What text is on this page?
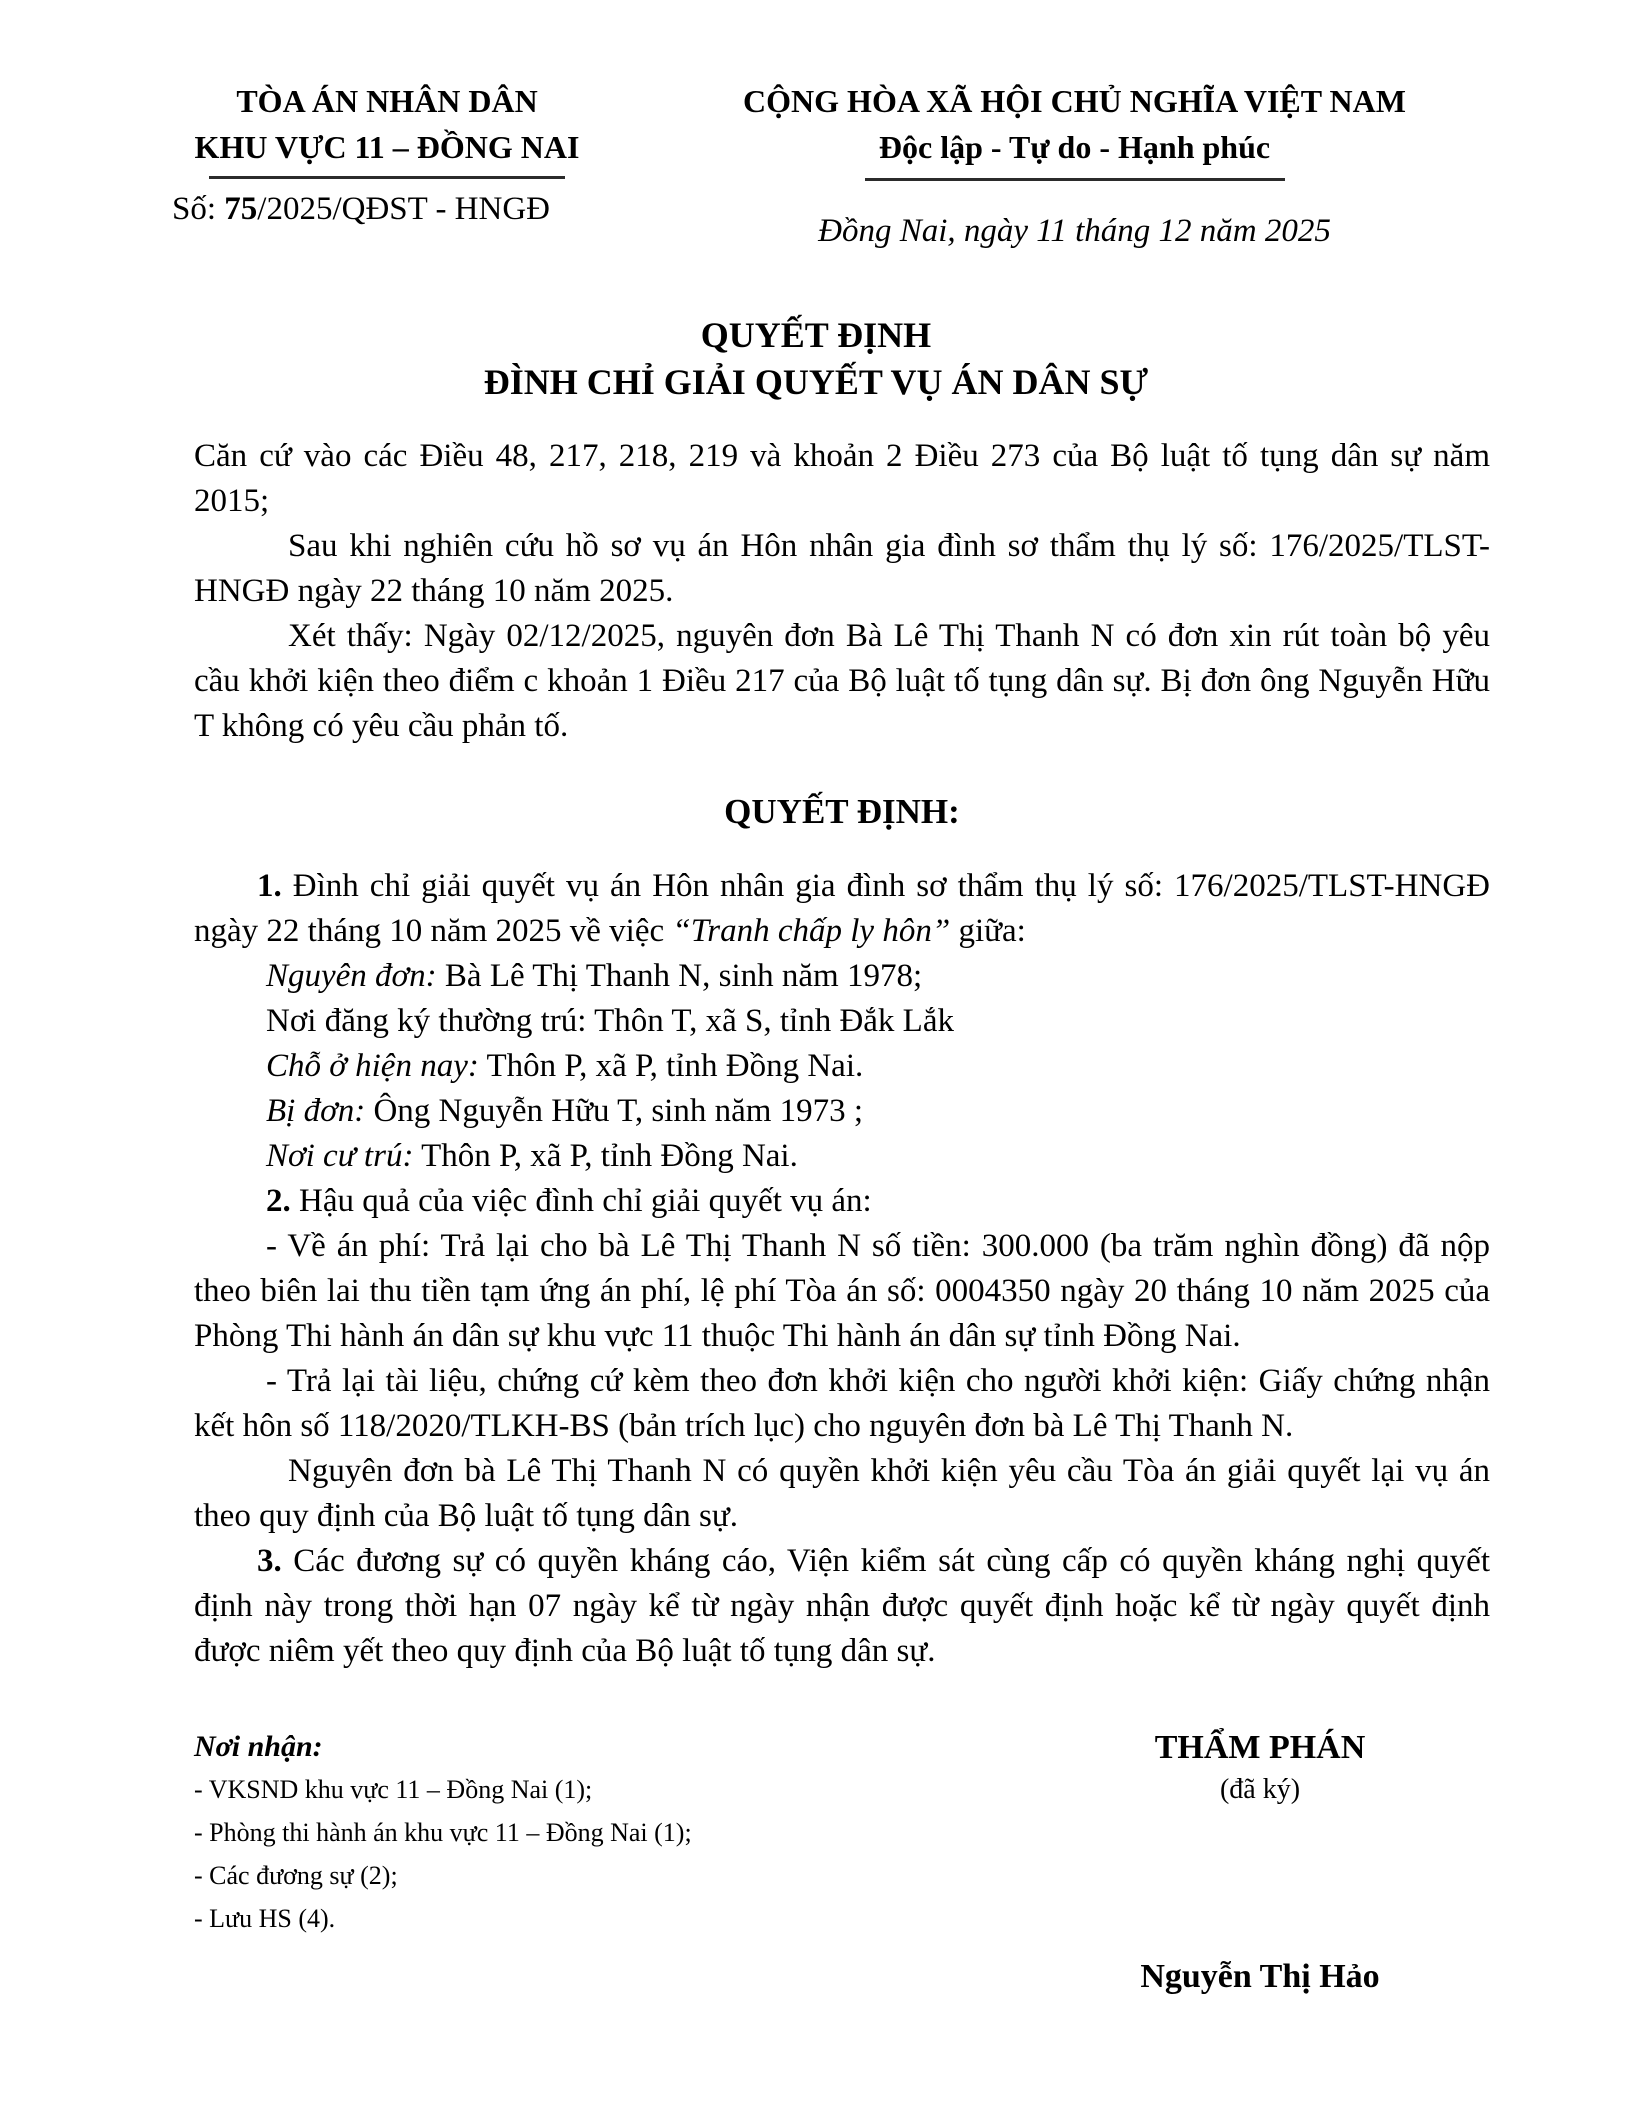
TÒA ÁN NHÂN DÂN
KHU VỰC 11 – ĐỒNG NAI
Số: 75/2025/QĐST - HNGĐ
CỘNG HÒA XÃ HỘI CHỦ NGHĨA VIỆT NAM
Độc lập - Tự do - Hạnh phúc
Đồng Nai, ngày 11 tháng 12 năm 2025
QUYẾT ĐỊNH
ĐÌNH CHỈ GIẢI QUYẾT VỤ ÁN DÂN SỰ

Căn cứ vào các Điều 48, 217, 218, 219 và khoản 2 Điều 273 của Bộ luật tố tụng dân sự năm 2015;

Sau khi nghiên cứu hồ sơ vụ án Hôn nhân gia đình sơ thẩm thụ lý số: 176/2025/TLST-HNGĐ ngày 22 tháng 10 năm 2025.

Xét thấy: Ngày 02/12/2025, nguyên đơn Bà Lê Thị Thanh N có đơn xin rút toàn bộ yêu cầu khởi kiện theo điểm c khoản 1 Điều 217 của Bộ luật tố tụng dân sự. Bị đơn ông Nguyễn Hữu T không có yêu cầu phản tố.

QUYẾT ĐỊNH:

1. Đình chỉ giải quyết vụ án Hôn nhân gia đình sơ thẩm thụ lý số: 176/2025/TLST-HNGĐ ngày 22 tháng 10 năm 2025 về việc “Tranh chấp ly hôn” giữa:

Nguyên đơn: Bà Lê Thị Thanh N, sinh năm 1978;

Nơi đăng ký thường trú: Thôn T, xã S, tỉnh Đắk Lắk

Chỗ ở hiện nay: Thôn P, xã P, tỉnh Đồng Nai.

Bị đơn: Ông Nguyễn Hữu T, sinh năm 1973 ;

Nơi cư trú: Thôn P, xã P, tỉnh Đồng Nai.

2. Hậu quả của việc đình chỉ giải quyết vụ án:

- Về án phí: Trả lại cho bà Lê Thị Thanh N số tiền: 300.000 (ba trăm nghìn đồng) đã nộp theo biên lai thu tiền tạm ứng án phí, lệ phí Tòa án số: 0004350 ngày 20 tháng 10 năm 2025 của Phòng Thi hành án dân sự khu vực 11 thuộc Thi hành án dân sự tỉnh Đồng Nai.

- Trả lại tài liệu, chứng cứ kèm theo đơn khởi kiện cho người khởi kiện: Giấy chứng nhận kết hôn số 118/2020/TLKH-BS (bản trích lục) cho nguyên đơn bà Lê Thị Thanh N.

Nguyên đơn bà Lê Thị Thanh N có quyền khởi kiện yêu cầu Tòa án giải quyết lại vụ án theo quy định của Bộ luật tố tụng dân sự.

3. Các đương sự có quyền kháng cáo, Viện kiểm sát cùng cấp có quyền kháng nghị quyết định này trong thời hạn 07 ngày kể từ ngày nhận được quyết định hoặc kể từ ngày quyết định được niêm yết theo quy định của Bộ luật tố tụng dân sự.

Nơi nhận:
- VKSND khu vực 11 – Đồng Nai (1);
- Phòng thi hành án khu vực 11 – Đồng Nai (1);
- Các đương sự (2);
- Lưu HS (4).
THẨM PHÁN
(đã ký)
Nguyễn Thị Hảo
